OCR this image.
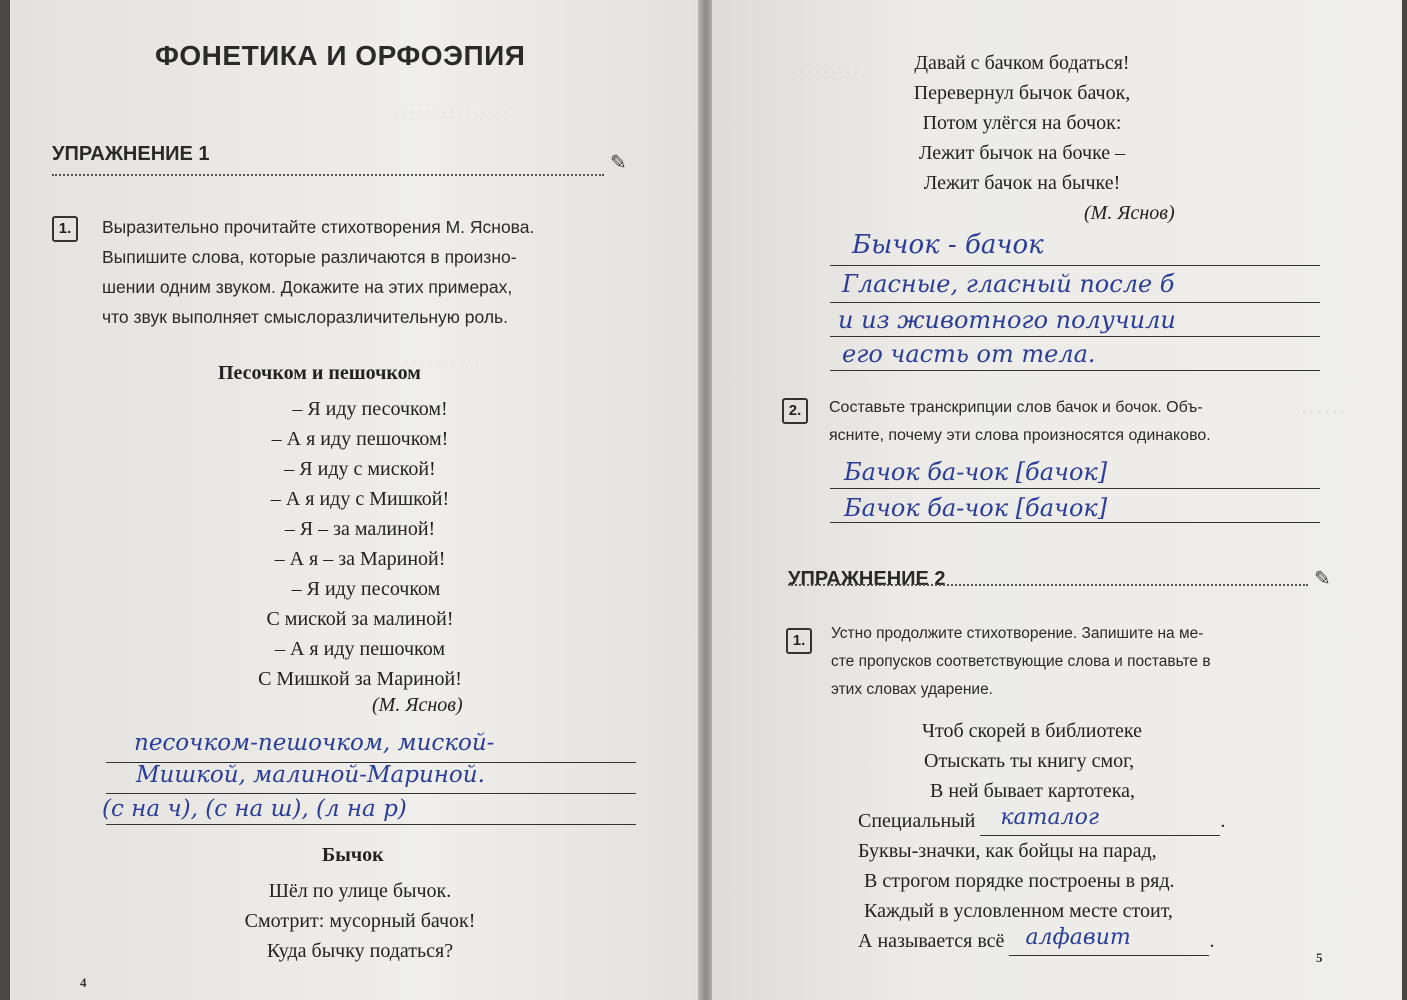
. . . . . . . . . . . . . . .
. . . . . . . . . .
ФОНЕТИКА И ОРФОЭПИЯ
УПРАЖНЕНИЕ 1	✎
1.	Выразительно прочитайте стихотворения М. Яснова.
Выпишите слова, которые различаются в произно-
шении одним звуком. Докажите на этих примерах,
что звук выполняет смыслоразличительную роль.
Песочком и пешочком
– Я иду песочком!
– А я иду пешочком!
– Я иду с миской!
– А я иду с Мишкой!
– Я – за малиной!
– А я – за Мариной!
– Я иду песочком
С миской за малиной!
– А я иду пешочком
С Мишкой за Мариной!
(М. Яснов)
песочком-пешочком, миской-
Мишкой, малиной-Мариной.
(с на ч), (с на ш), (л на р)
Бычок
Шёл по улице бычок.
Смотрит: мусорный бачок!
Куда бычку податься?
4
. . . . . . . . .
. . . . . .
Давай с бачком бодаться!
Перевернул бычок бачок,
Потом улёгся на бочок:
Лежит бычок на бочке –
Лежит бачок на бычке!
(М. Яснов)
Бычок - бачок
Гласные, гласный после б
и из животного получили
его часть от тела.
2.	Составьте транскрипции слов бачок и бочок. Объ-
ясните, почему эти слова произносятся одинаково.
Бачок ба-чок [бачок]
Бачок ба-чок [бачок]
УПРАЖНЕНИЕ 2	✎
1.	Устно продолжите стихотворение. Запишите на ме-
сте пропусков соответствующие слова и поставьте в
этих словах ударение.
Чтоб скорей в библиотеке
Отыскать ты книгу смог,
В ней бывает картотека,
Специальный каталог	.
Буквы-значки, как бойцы на парад,
В строгом порядке построены в ряд.
Каждый в условленном месте стоит,
А называется всё алфавит	.
5
